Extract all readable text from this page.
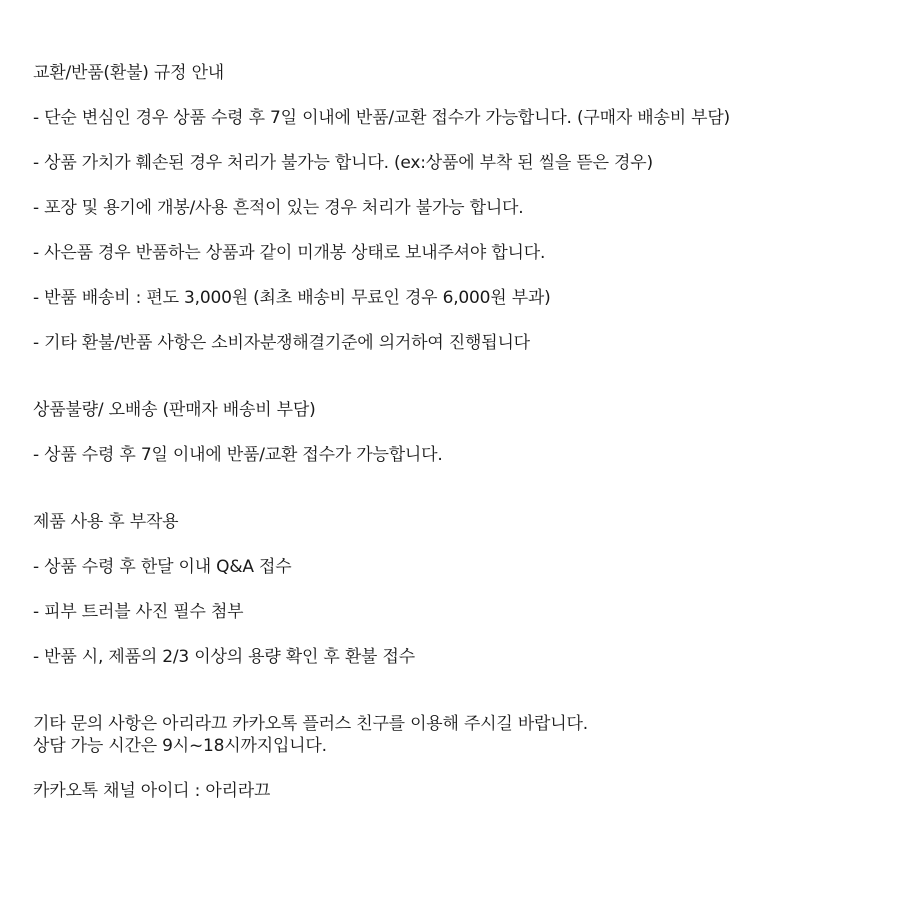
교환/반품(환불) 규정 안내

- 단순 변심인 경우 상품 수령 후 7일 이내에 반품/교환 접수가 가능합니다. (구매자 배송비 부담)

- 상품 가치가 훼손된 경우 처리가 불가능 합니다. (ex:상품에 부착 된 씰을 뜯은 경우)

- 포장 및 용기에 개봉/사용 흔적이 있는 경우 처리가 불가능 합니다.

- 사은품 경우 반품하는 상품과 같이 미개봉 상태로 보내주셔야 합니다.

- 반품 배송비 : 편도 3,000원 (최초 배송비 무료인 경우 6,000원 부과)

- 기타 환불/반품 사항은 소비자분쟁해결기준에 의거하여 진행됩니다

상품불량/ 오배송 (판매자 배송비 부담)

- 상품 수령 후 7일 이내에 반품/교환 접수가 가능합니다.

제품 사용 후 부작용

- 상품 수령 후 한달 이내 Q&A 접수

- 피부 트러블 사진 필수 첨부

- 반품 시, 제품의 2/3 이상의 용량 확인 후 환불 접수

기타 문의 사항은 아리라끄 카카오톡 플러스 친구를 이용해 주시길 바랍니다.

상담 가능 시간은 9시~18시까지입니다.

카카오톡 채널 아이디 : 아리라끄
